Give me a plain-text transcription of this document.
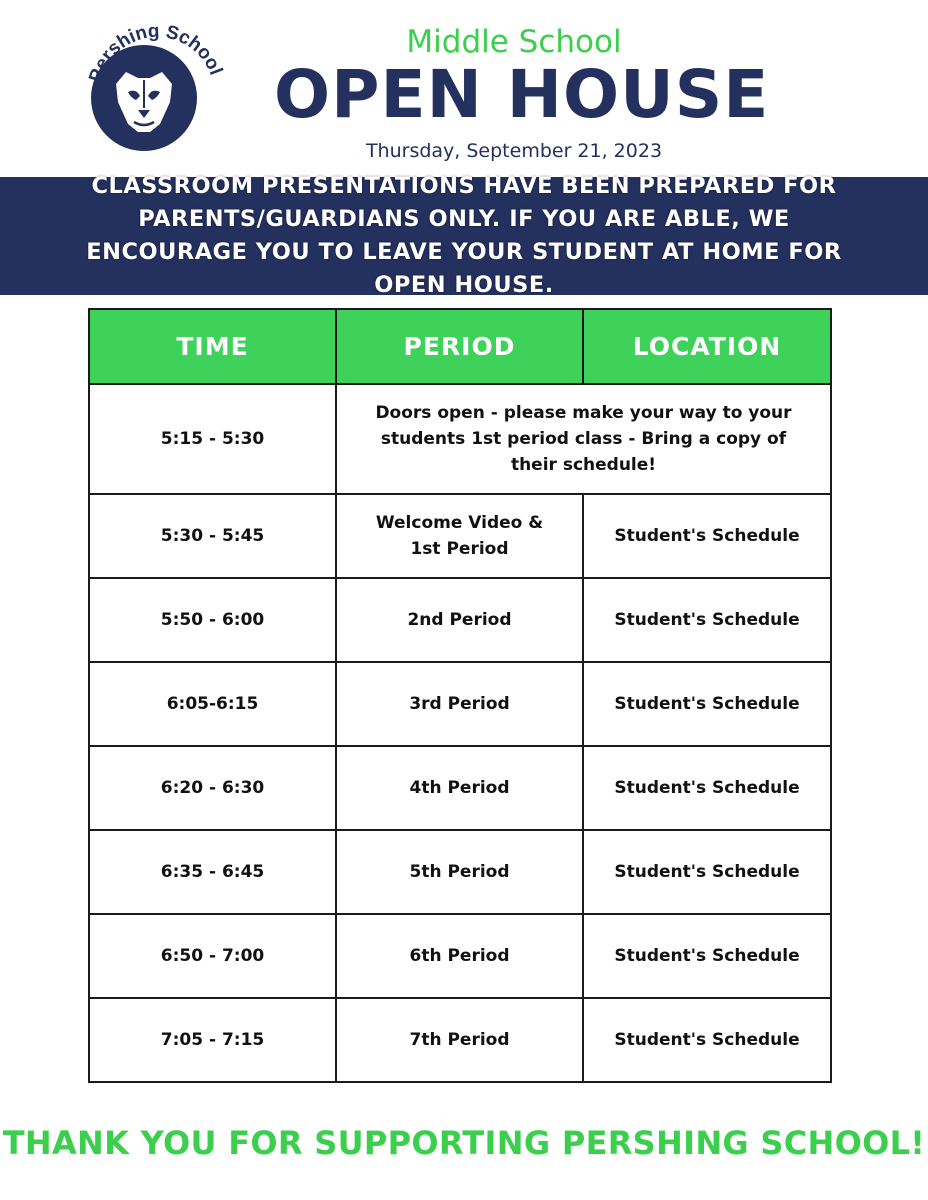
Pershing School
Middle School
OPEN HOUSE
Thursday, September 21, 2023

CLASSROOM PRESENTATIONS HAVE BEEN PREPARED FOR PARENTS/GUARDIANS ONLY. IF YOU ARE ABLE, WE ENCOURAGE YOU TO LEAVE YOUR STUDENT AT HOME FOR OPEN HOUSE.

TIME	PERIOD	LOCATION
5:15 - 5:30	Doors open - please make your way to your students 1st period class - Bring a copy of their schedule!	
5:30 - 5:45	Welcome Video & 1st Period	Student's Schedule
5:50 - 6:00	2nd Period	Student's Schedule
6:05-6:15	3rd Period	Student's Schedule
6:20 - 6:30	4th Period	Student's Schedule
6:35 - 6:45	5th Period	Student's Schedule
6:50 - 7:00	6th Period	Student's Schedule
7:05 - 7:15	7th Period	Student's Schedule
THANK YOU FOR SUPPORTING PERSHING SCHOOL!
